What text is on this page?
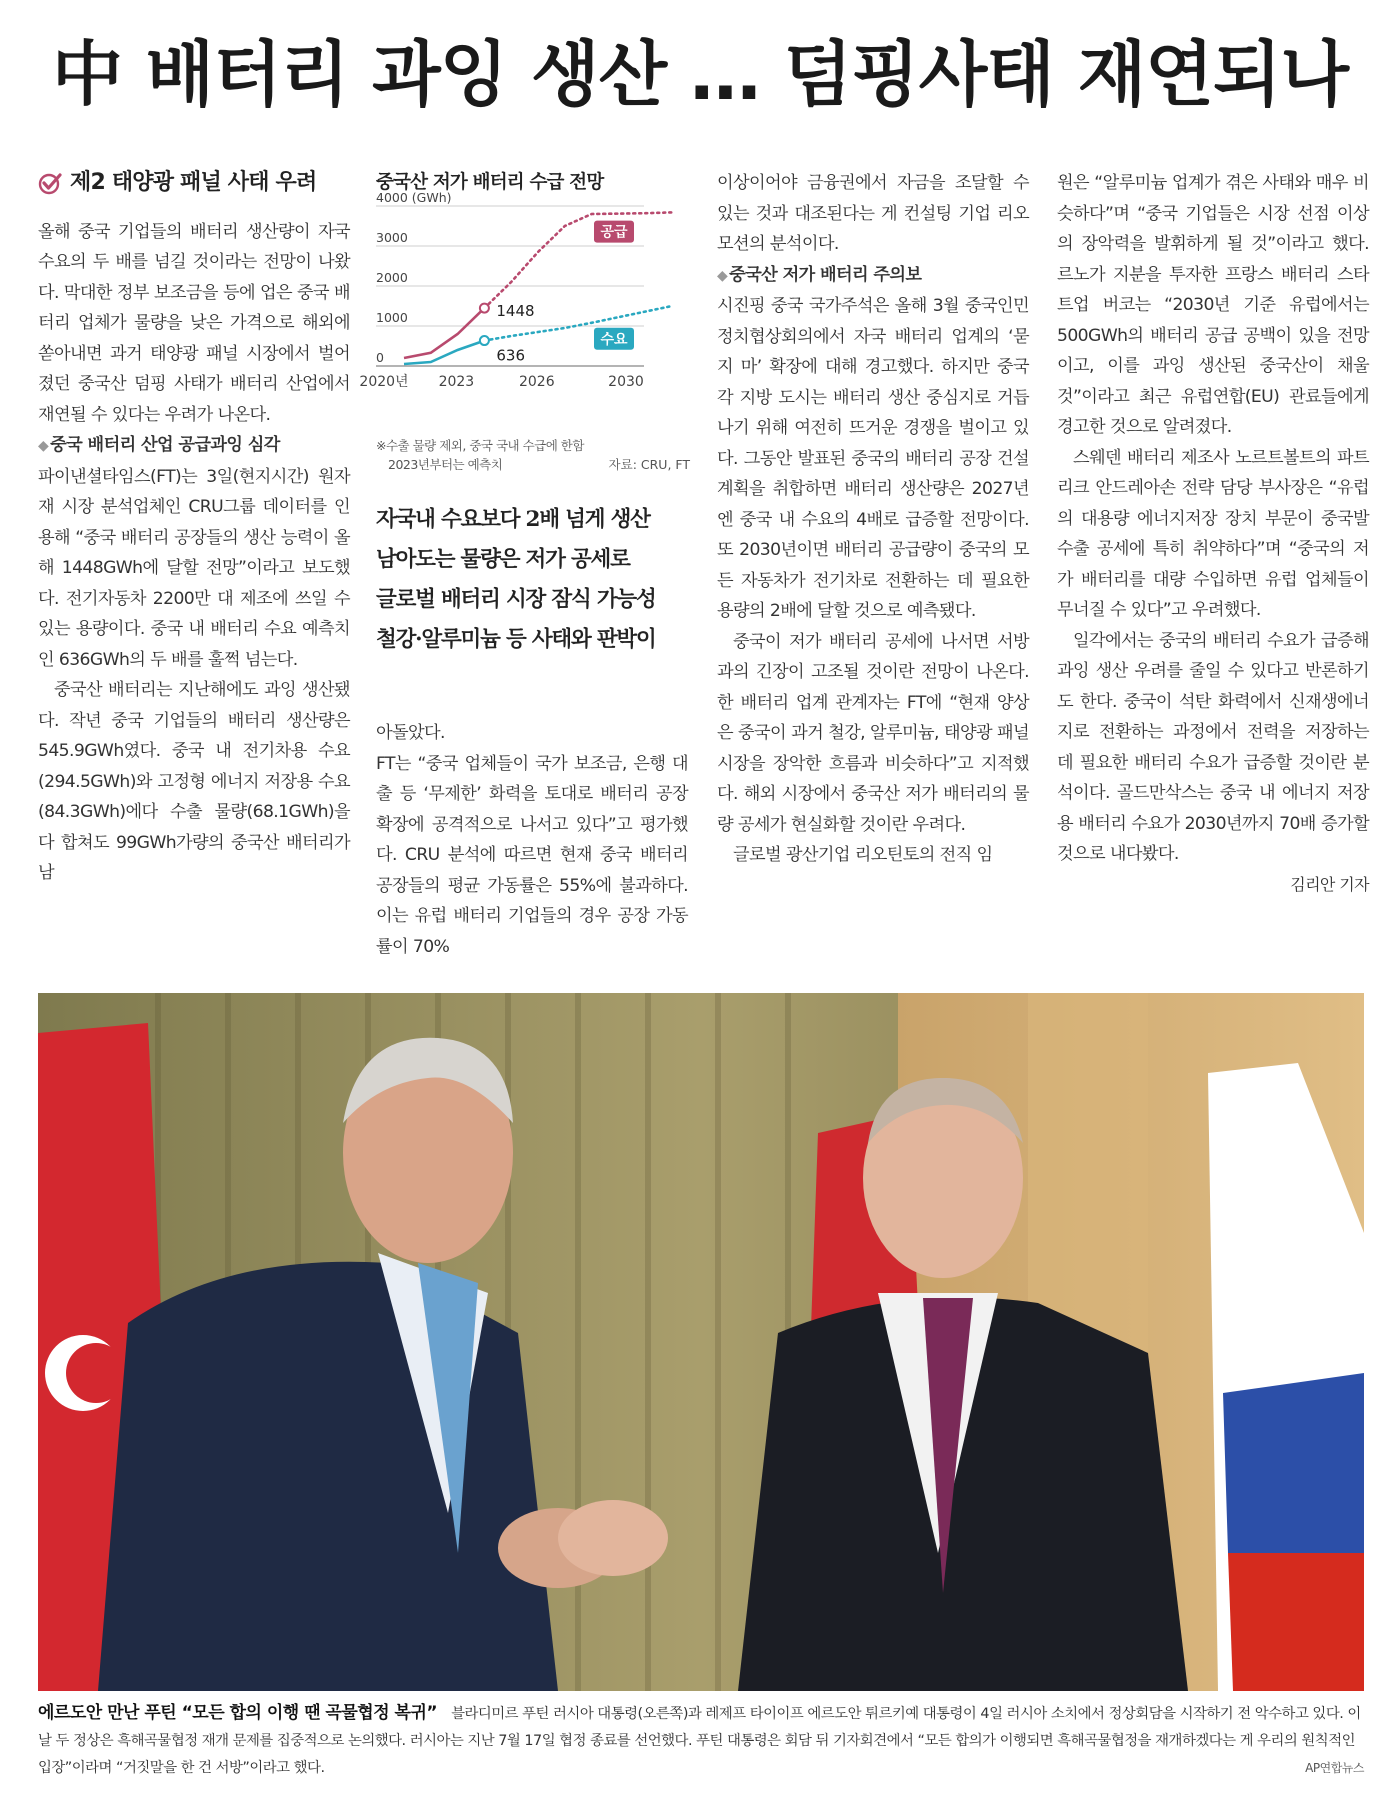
中 배터리 과잉 생산 … 덤핑사태 재연되나
제2 태양광 패널 사태 우려

올해 중국 기업들의 배터리 생산량이 자국 수요의 두 배를 넘길 것이라는 전망이 나왔다. 막대한 정부 보조금을 등에 업은 중국 배터리 업체가 물량을 낮은 가격으로 해외에 쏟아내면 과거 태양광 패널 시장에서 벌어졌던 중국산 덤핑 사태가 배터리 산업에서 재연될 수 있다는 우려가 나온다.

◆ 중국 배터리 산업 공급과잉 심각

파이낸셜타임스(FT)는 3일(현지시간) 원자재 시장 분석업체인 CRU그룹 데이터를 인용해 “중국 배터리 공장들의 생산 능력이 올해 1448GWh에 달할 전망”이라고 보도했다. 전기자동차 2200만 대 제조에 쓰일 수 있는 용량이다. 중국 내 배터리 수요 예측치인 636GWh의 두 배를 훌쩍 넘는다.

중국산 배터리는 지난해에도 과잉 생산됐다. 작년 중국 기업들의 배터리 생산량은 545.9GWh였다. 중국 내 전기차용 수요(294.5GWh)와 고정형 에너지 저장용 수요(84.3GWh)에다 수출 물량(68.1GWh)을 다 합쳐도 99GWh가량의 중국산 배터리가 남

중국산 저가 배터리 수급 전망
4000 (GWh)
3000
2000
1000
0
2020년 2023	2026	2030
1448
636
공급
수요
※수출 물량 제외, 중국 국내 수급에 한함
2023년부터는 예측치	자료: CRU, FT
자국내 수요보다 2배 넘게 생산
남아도는 물량은 저가 공세로
글로벌 배터리 시장 잠식 가능성
철강·알루미늄 등 사태와 판박이

아돌았다.

FT는 “중국 업체들이 국가 보조금, 은행 대출 등 ‘무제한’ 화력을 토대로 배터리 공장 확장에 공격적으로 나서고 있다”고 평가했다. CRU 분석에 따르면 현재 중국 배터리 공장들의 평균 가동률은 55%에 불과하다. 이는 유럽 배터리 기업들의 경우 공장 가동률이 70%

이상이어야 금융권에서 자금을 조달할 수 있는 것과 대조된다는 게 컨설팅 기업 리오모션의 분석이다.

◆ 중국산 저가 배터리 주의보

시진핑 중국 국가주석은 올해 3월 중국인민정치협상회의에서 자국 배터리 업계의 ‘묻지 마’ 확장에 대해 경고했다. 하지만 중국 각 지방 도시는 배터리 생산 중심지로 거듭나기 위해 여전히 뜨거운 경쟁을 벌이고 있다. 그동안 발표된 중국의 배터리 공장 건설 계획을 취합하면 배터리 생산량은 2027년엔 중국 내 수요의 4배로 급증할 전망이다. 또 2030년이면 배터리 공급량이 중국의 모든 자동차가 전기차로 전환하는 데 필요한 용량의 2배에 달할 것으로 예측됐다.

중국이 저가 배터리 공세에 나서면 서방과의 긴장이 고조될 것이란 전망이 나온다. 한 배터리 업계 관계자는 FT에 “현재 양상은 중국이 과거 철강, 알루미늄, 태양광 패널 시장을 장악한 흐름과 비슷하다”고 지적했다. 해외 시장에서 중국산 저가 배터리의 물량 공세가 현실화할 것이란 우려다.

글로벌 광산기업 리오틴토의 전직 임

원은 “알루미늄 업계가 겪은 사태와 매우 비슷하다”며 “중국 기업들은 시장 선점 이상의 장악력을 발휘하게 될 것”이라고 했다. 르노가 지분을 투자한 프랑스 배터리 스타트업 버코는 “2030년 기준 유럽에서는 500GWh의 배터리 공급 공백이 있을 전망이고, 이를 과잉 생산된 중국산이 채울 것”이라고 최근 유럽연합(EU) 관료들에게 경고한 것으로 알려졌다.

스웨덴 배터리 제조사 노르트볼트의 파트리크 안드레아손 전략 담당 부사장은 “유럽의 대용량 에너지저장 장치 부문이 중국발 수출 공세에 특히 취약하다”며 “중국의 저가 배터리를 대량 수입하면 유럽 업체들이 무너질 수 있다”고 우려했다.

일각에서는 중국의 배터리 수요가 급증해 과잉 생산 우려를 줄일 수 있다고 반론하기도 한다. 중국이 석탄 화력에서 신재생에너지로 전환하는 과정에서 전력을 저장하는 데 필요한 배터리 수요가 급증할 것이란 분석이다. 골드만삭스는 중국 내 에너지 저장용 배터리 수요가 2030년까지 70배 증가할 것으로 내다봤다.

김리안 기자

에르도안 만난 푸틴 “모든 합의 이행 땐 곡물협정 복귀” 블라디미르 푸틴 러시아 대통령(오른쪽)과 레제프 타이이프 에르도안 튀르키예 대통령이 4일 러시아 소치에서 정상회담을 시작하기 전 악수하고 있다. 이날 두 정상은 흑해곡물협정 재개 문제를 집중적으로 논의했다. 러시아는 지난 7월 17일 협정 종료를 선언했다. 푸틴 대통령은 회담 뒤 기자회견에서 “모든 합의가 이행되면 흑해곡물협정을 재개하겠다는 게 우리의 원칙적인 입장”이라며 “거짓말을 한 건 서방”이라고 했다.	AP연합뉴스
